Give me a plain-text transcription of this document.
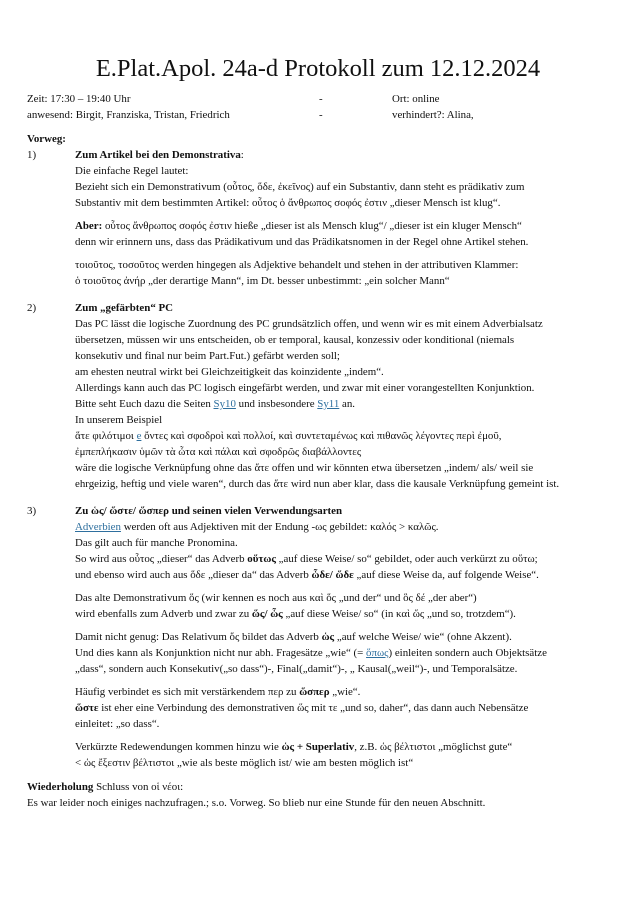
E.Plat.Apol. 24a-d Protokoll zum 12.12.2024
Zeit: 17:30 – 19:40 Uhr	-	Ort: online
anwesend: Birgit, Franziska, Tristan, Friedrich	-	verhindert?: Alina,
Vorweg:
1)	Zum Artikel bei den Demonstrativa:
Die einfache Regel lautet:
Bezieht sich ein Demonstrativum (οὗτος, ὅδε, ἐκεῖνος) auf ein Substantiv, dann steht es prädikativ zum
Substantiv mit dem bestimmten Artikel: οὗτος ὁ ἄνθρωπος σοφός ἐστιν „dieser Mensch ist klug“.
Aber: οὗτος ἄνθρωπος σοφός ἐστιν hieße „dieser ist als Mensch klug“/ „dieser ist ein kluger Mensch“
denn wir erinnern uns, dass das Prädikativum und das Prädikatsnomen in der Regel ohne Artikel stehen.
τοιοῦτος, τοσοῦτος werden hingegen als Adjektive behandelt und stehen in der attributiven Klammer:
ὁ τοιοῦτος ἀνήρ „der derartige Mann“, im Dt. besser unbestimmt: „ein solcher Mann“
2)	Zum „gefärbten“ PC
Das PC lässt die logische Zuordnung des PC grundsätzlich offen, und wenn wir es mit einem Adverbialsatz
übersetzen, müssen wir uns entscheiden, ob er temporal, kausal, konzessiv oder konditional (niemals
konsekutiv und final nur beim Part.Fut.) gefärbt werden soll;
am ehesten neutral wirkt bei Gleichzeitigkeit das koinzidente „indem“.
Allerdings kann auch das PC logisch eingefärbt werden, und zwar mit einer vorangestellten Konjunktion.
Bitte seht Euch dazu die Seiten Sy10 und insbesondere Sy11 an.
In unserem Beispiel
ἅτε φιλότιμοι e ὄντες καὶ σφοδροὶ καὶ πολλοί, καὶ συντεταμένως καὶ πιθανῶς λέγοντες περὶ ἐμοῦ,
ἐμπεπλήκασιν ὑμῶν τὰ ὦτα καὶ πάλαι καὶ σφοδρῶς διαβάλλοντες
wäre die logische Verknüpfung ohne das ἅτε offen und wir könnten etwa übersetzen „indem/ als/ weil sie
ehrgeizig, heftig und viele waren“, durch das ἅτε wird nun aber klar, dass die kausale Verknüpfung gemeint ist.
3)	Zu ὡς/ ὥστε/ ὥσπερ und seinen vielen Verwendungsarten
Adverbien werden oft aus Adjektiven mit der Endung -ως gebildet: καλός > καλῶς.
Das gilt auch für manche Pronomina.
So wird aus οὗτος „dieser“ das Adverb οὕτως „auf diese Weise/ so“ gebildet, oder auch verkürzt zu οὕτω;
und ebenso wird auch aus ὅδε „dieser da“ das Adverb ὧδε/ ὥδε „auf diese Weise da, auf folgende Weise“.
Das alte Demonstrativum ὅς (wir kennen es noch aus καὶ ὅς „und der“ und ὃς δέ „der aber“)
wird ebenfalls zum Adverb und zwar zu ὥς/ ὧς „auf diese Weise/ so“ (in καὶ ὥς „und so, trotzdem“).
Damit nicht genug: Das Relativum ὅς bildet das Adverb ὡς „auf welche Weise/ wie“ (ohne Akzent).
Und dies kann als Konjunktion nicht nur abh. Fragesätze „wie“ (= ὅπως) einleiten sondern auch Objektsätze
„dass“, sondern auch Konsekutiv(„so dass“)-, Final(„damit“)-, „ Kausal(„weil“)-, und Temporalsätze.
Häufig verbindet es sich mit verstärkendem περ zu ὥσπερ „wie“.
ὥστε ist eher eine Verbindung des demonstrativen ὥς mit τε „und so, daher“, das dann auch Nebensätze
einleitet: „so dass“.
Verkürzte Redewendungen kommen hinzu wie ὡς + Superlativ, z.B. ὡς βέλτιστοι „möglichst gute“
< ὡς ἔξεστιν βέλτιστοι „wie als beste möglich ist/ wie am besten möglich ist“
Wiederholung Schluss von οἱ νέοι:
Es war leider noch einiges nachzufragen.; s.o. Vorweg. So blieb nur eine Stunde für den neuen Abschnitt.
